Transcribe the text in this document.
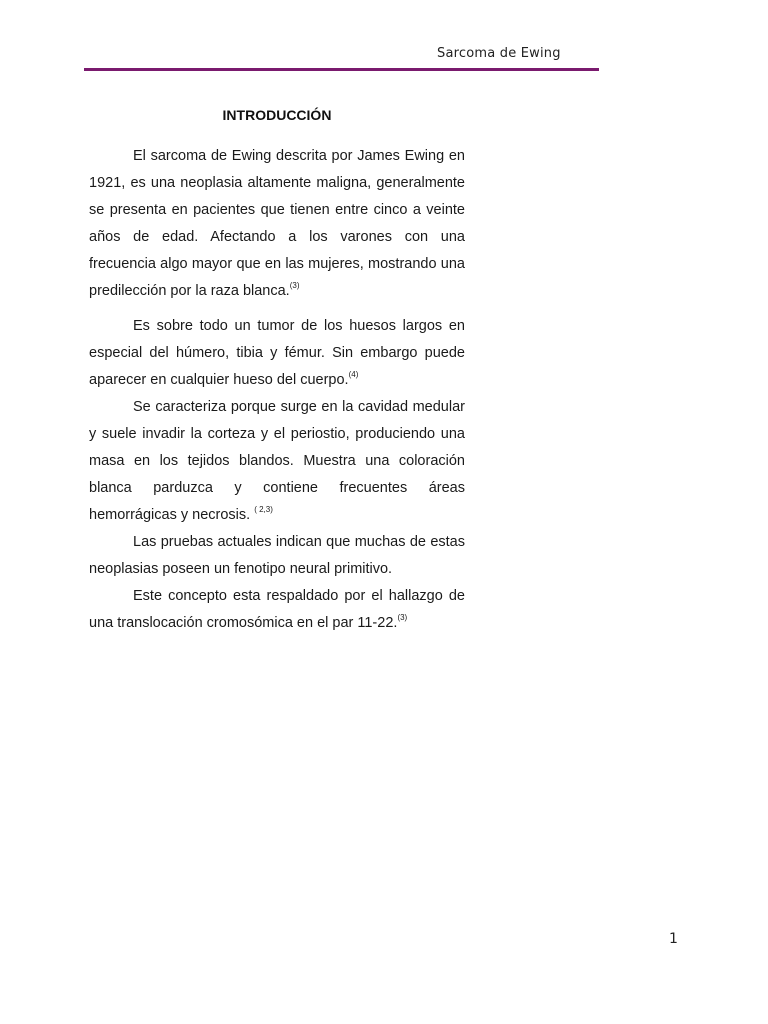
Sarcoma de Ewing
INTRODUCCIÓN

El sarcoma de Ewing descrita por James Ewing en 1921, es una neoplasia altamente maligna, generalmente se presenta en pacientes que tienen entre cinco a veinte años de edad. Afectando a los varones con una frecuencia algo mayor que en las mujeres, mostrando una predilección por la raza blanca.$^{(3)}$

Es sobre todo un tumor de los huesos largos en especial del húmero, tibia y fémur. Sin embargo puede aparecer en cualquier hueso del cuerpo.$^{(4)}$

Se caracteriza porque surge en la cavidad medular y suele invadir la corteza y el periostio, produciendo una masa en los tejidos blandos. Muestra una coloración blanca parduzca y contiene frecuentes áreas hemorrágicas y necrosis. $^{( 2,3)}$

Las pruebas actuales indican que muchas de estas neoplasias poseen un fenotipo neural primitivo.

Este concepto esta respaldado por el hallazgo de una translocación cromosómica en el par 11-22.$^{(3)}$

1
